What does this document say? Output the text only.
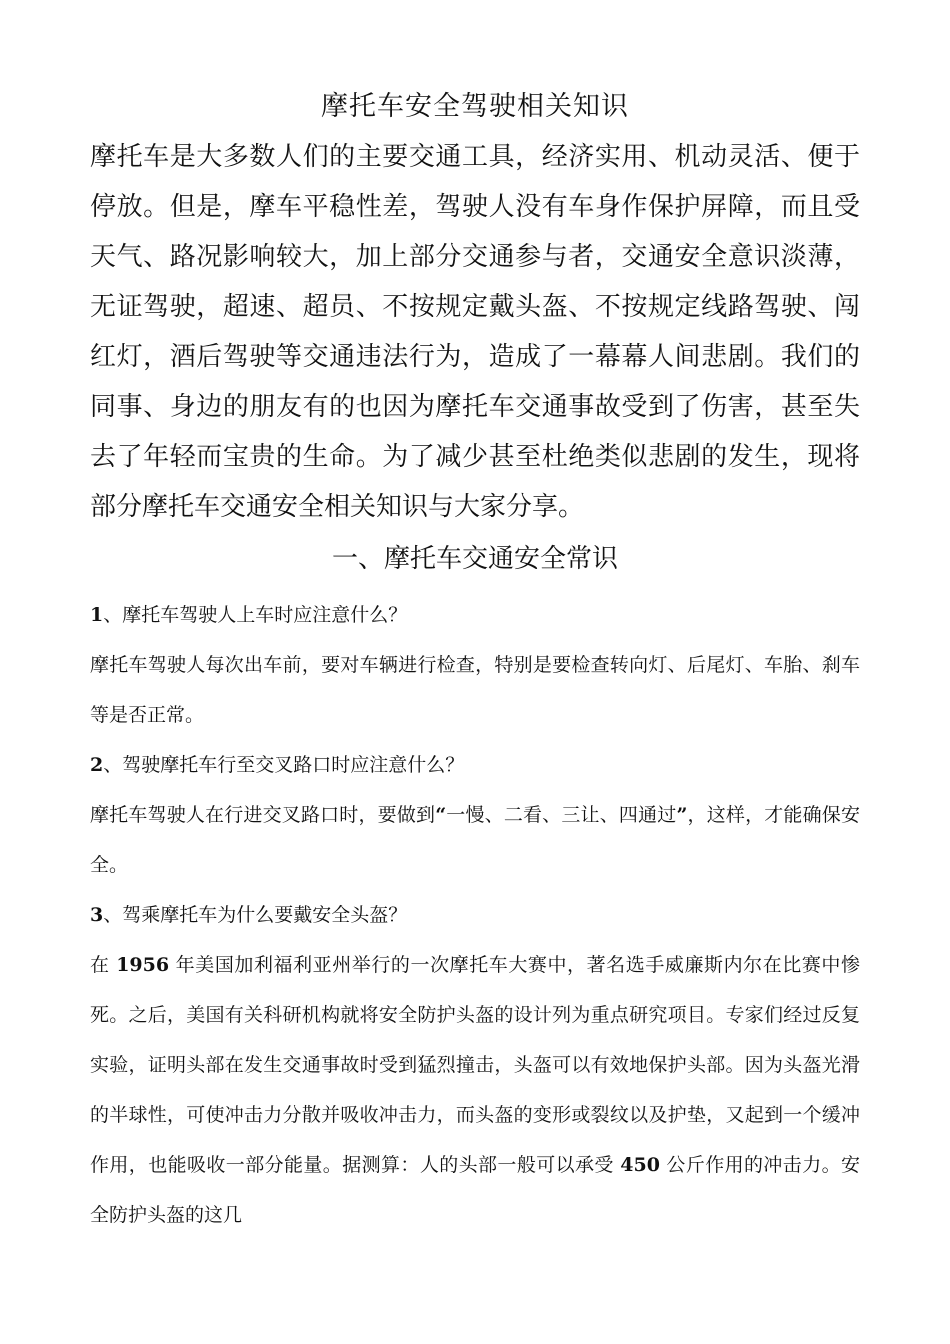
摩托车安全驾驶相关知识

摩托车是大多数人们的主要交通工具，经济实用、机动灵活、便于停放。但是，摩车平稳性差，驾驶人没有车身作保护屏障，而且受天气、路况影响较大，加上部分交通参与者，交通安全意识淡薄，无证驾驶，超速、超员、不按规定戴头盔、不按规定线路驾驶、闯红灯，酒后驾驶等交通违法行为，造成了一幕幕人间悲剧。我们的同事、身边的朋友有的也因为摩托车交通事故受到了伤害，甚至失去了年轻而宝贵的生命。为了减少甚至杜绝类似悲剧的发生，现将部分摩托车交通安全相关知识与大家分享。

一、摩托车交通安全常识

1、摩托车驾驶人上车时应注意什么？

摩托车驾驶人每次出车前，要对车辆进行检查，特别是要检查转向灯、后尾灯、车胎、刹车等是否正常。

2、驾驶摩托车行至交叉路口时应注意什么？

摩托车驾驶人在行进交叉路口时，要做到“一慢、二看、三让、四通过”，这样，才能确保安全。

3、驾乘摩托车为什么要戴安全头盔？

在 1956 年美国加利福利亚州举行的一次摩托车大赛中，著名选手威廉斯内尔在比赛中惨死。之后，美国有关科研机构就将安全防护头盔的设计列为重点研究项目。专家们经过反复实验，证明头部在发生交通事故时受到猛烈撞击，头盔可以有效地保护头部。因为头盔光滑的半球性，可使冲击力分散并吸收冲击力，而头盔的变形或裂纹以及护垫，又起到一个缓冲作用，也能吸收一部分能量。据测算：人的头部一般可以承受 450 公斤作用的冲击力。安全防护头盔的这几
